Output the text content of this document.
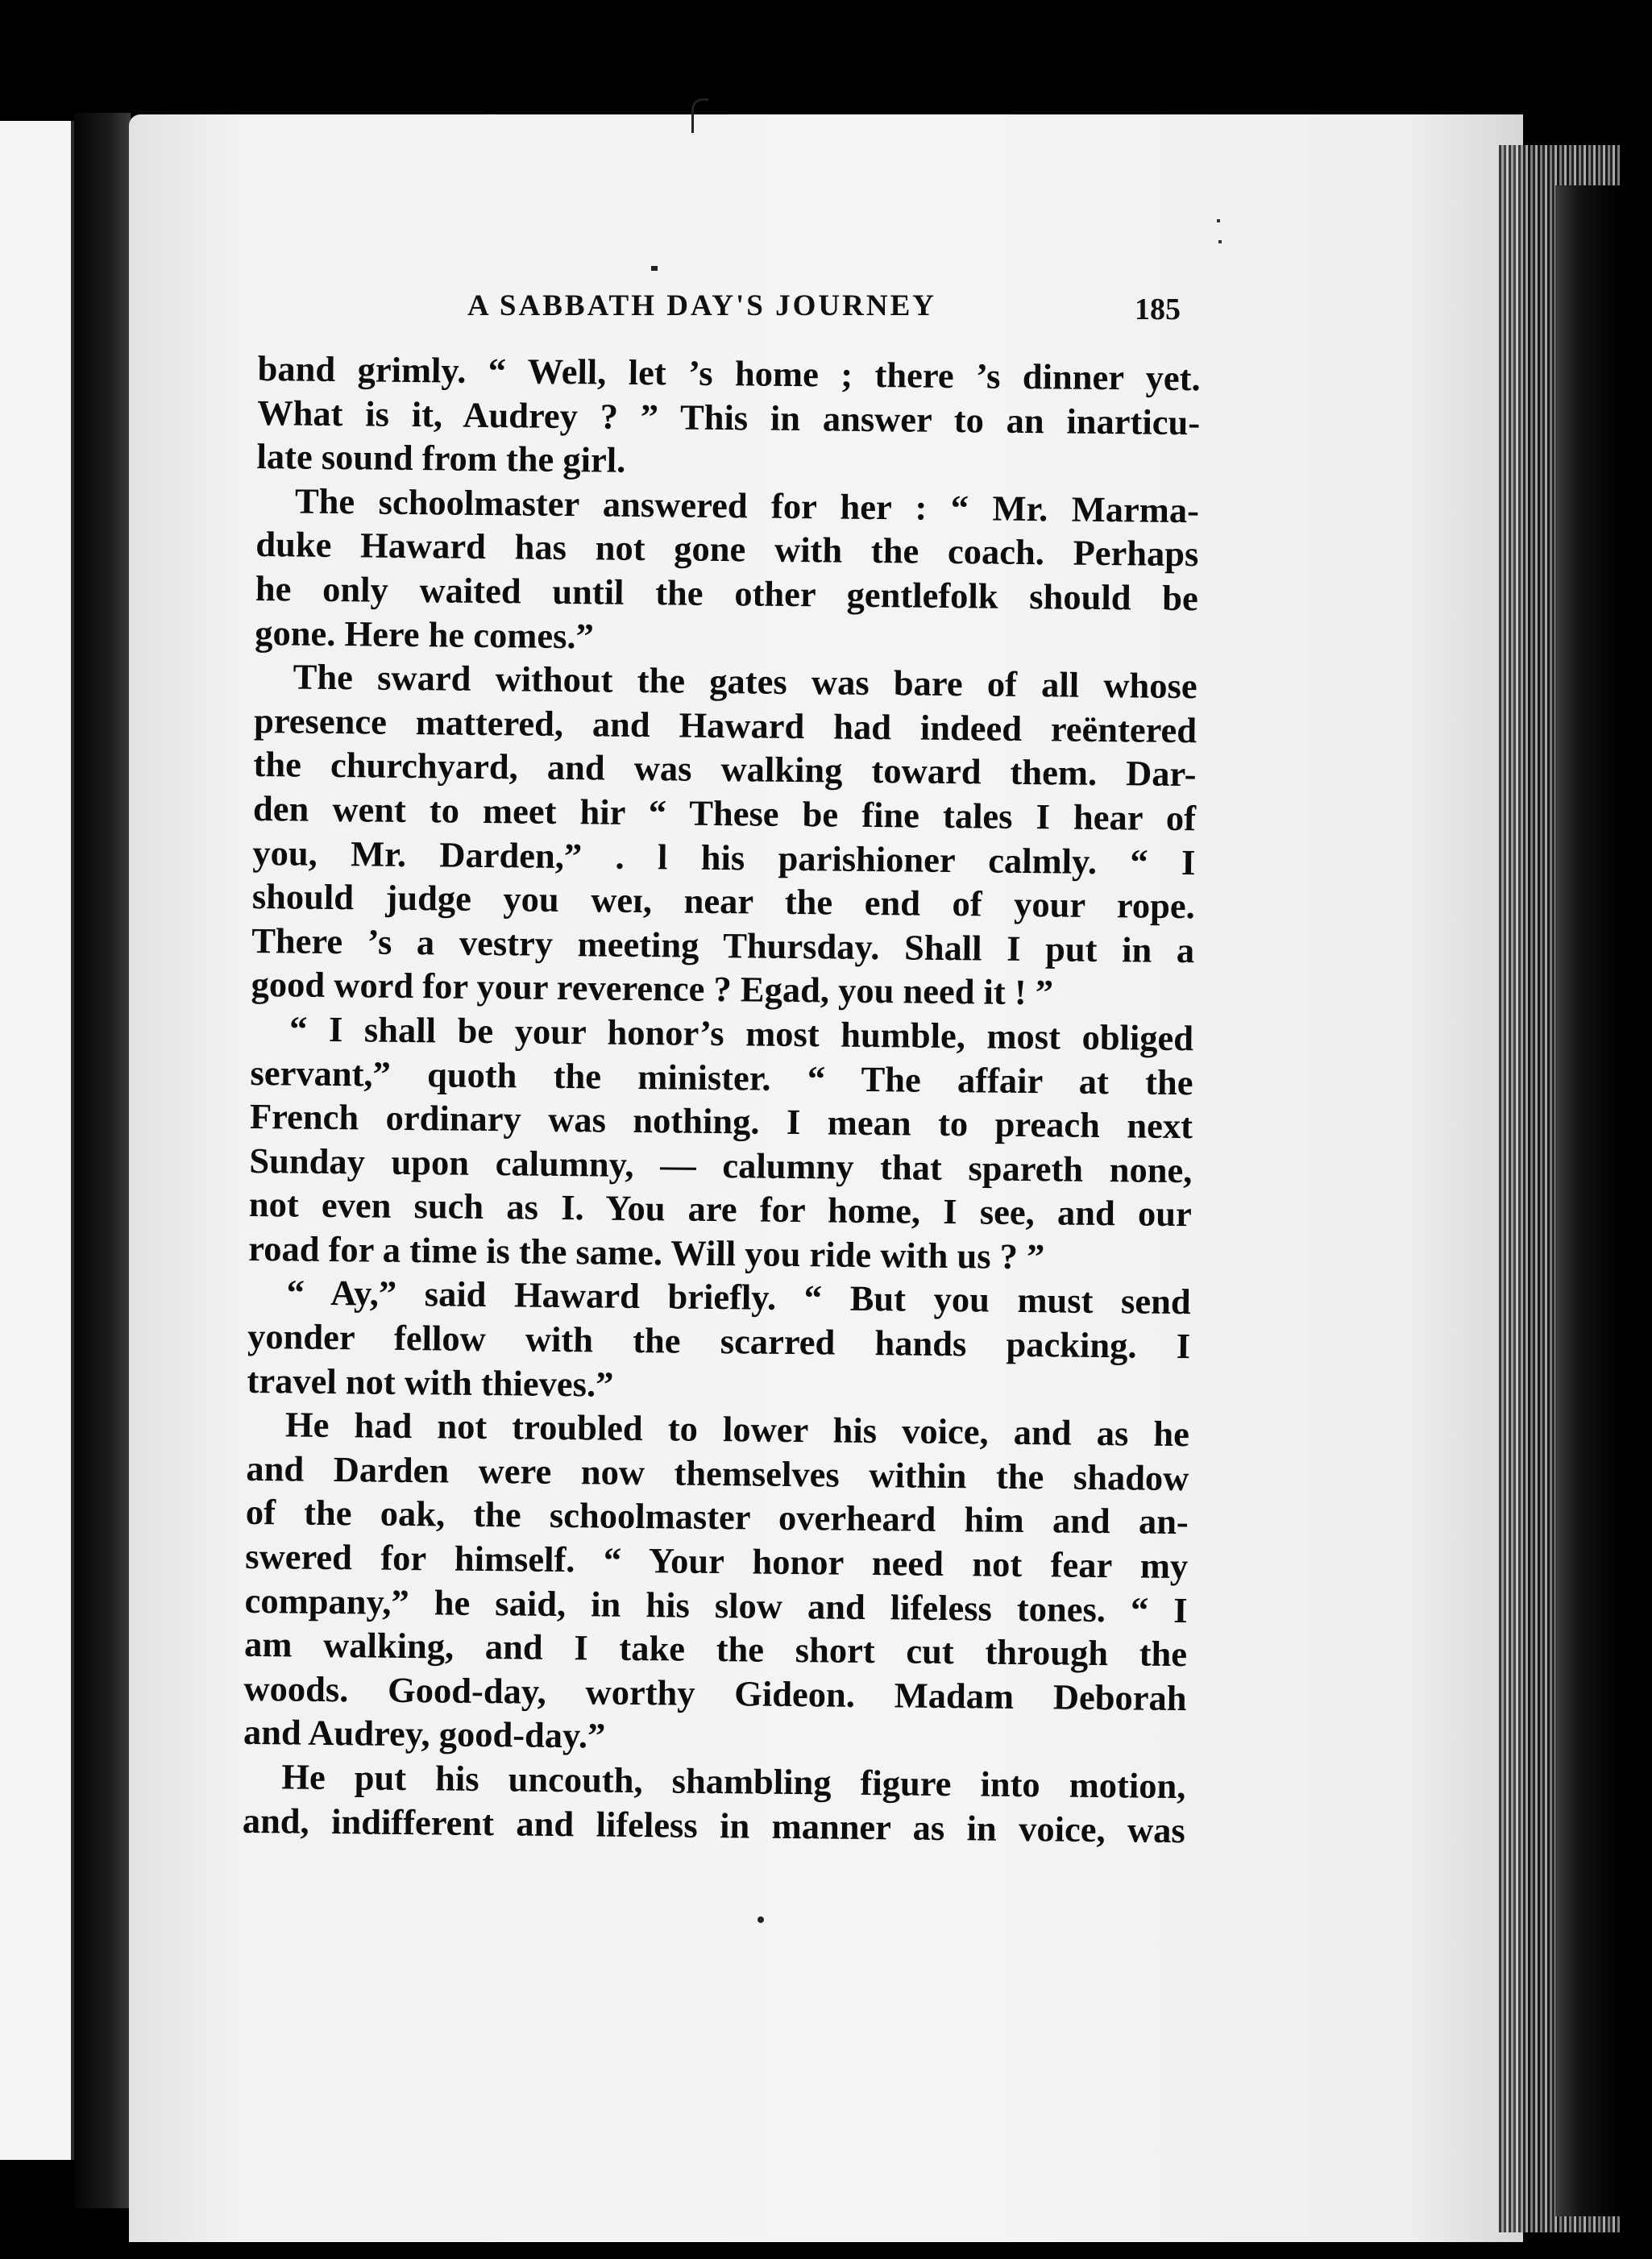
A SABBATH DAY'S JOURNEY	185
band grimly. “ Well, let ’s home ; there ’s dinner yet.
What is it, Audrey ? ” This in answer to an inarticu-
late sound from the girl.
The schoolmaster answered for her : “ Mr. Marma-
duke Haward has not gone with the coach. Perhaps
he only waited until the other gentlefolk should be
gone. Here he comes.”
The sward without the gates was bare of all whose
presence mattered, and Haward had indeed reëntered
the churchyard, and was walking toward them. Dar-
den went to meet hir “ These be fine tales I hear of
you, Mr. Darden,” . l his parishioner calmly. “ I
should judge you weɪ, near the end of your rope.
There ’s a vestry meeting Thursday. Shall I put in a
good word for your reverence ? Egad, you need it ! ”
“ I shall be your honor’s most humble, most obliged
servant,” quoth the minister. “ The affair at the
French ordinary was nothing. I mean to preach next
Sunday upon calumny, — calumny that spareth none,
not even such as I. You are for home, I see, and our
road for a time is the same. Will you ride with us ? ”
“ Ay,” said Haward briefly. “ But you must send
yonder fellow with the scarred hands packing. I
travel not with thieves.”
He had not troubled to lower his voice, and as he
and Darden were now themselves within the shadow
of the oak, the schoolmaster overheard him and an-
swered for himself. “ Your honor need not fear my
company,” he said, in his slow and lifeless tones. “ I
am walking, and I take the short cut through the
woods. Good-day, worthy Gideon. Madam Deborah
and Audrey, good-day.”
He put his uncouth, shambling figure into motion,
and, indifferent and lifeless in manner as in voice, was
